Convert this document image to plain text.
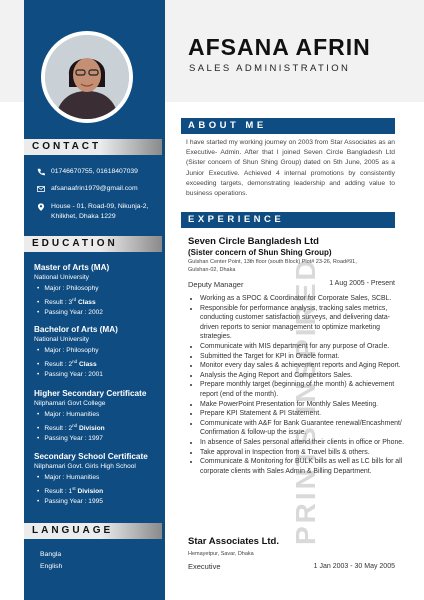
AFSANA AFRIN
SALES ADMINISTRATION
CONTACT
01746670755, 01618407039
afsanaafrin1979@gmail.com
House - 01, Road-09, Nikunja-2, Khilkhet, Dhaka 1229
EDUCATION
Master of Arts (MA)
National University
• Major : Philosophy
• Result : 3rd Class
• Passing Year : 2002
Bachelor of Arts (MA)
National University
• Major : Philosophy
• Result : 2nd Class
• Passing Year : 2001
Higher Secondary Certificate
Nilphamari Govt College
• Major : Humanities
• Result : 2nd Division
• Passing Year : 1997
Secondary School Certificate
Nilphamari Govt. Girls High School
• Major : Humanities
• Result : 1st Division
• Passing Year : 1995
LANGUAGE
Bangla
English
ABOUT ME

I have started my working journey on 2003 from Star Associates as an Executive- Admin. After that I joined Seven Circle Bangladesh Ltd (Sister concern of Shun Shing Group) dated on 5th June, 2005 as a Junior Executive. Achieved 4 internal promotions by consistently exceeding targets, demonstrating leadership and adding value to business operations.

EXPERIENCE
Seven Circle Bangladesh Ltd
(Sister concern of Shun Shing Group)
Gulshan Center Point, 13th floor (south Block) Plot# 23-26, Road#91, Gulshan-02, Dhaka
Deputy Manager	1 Aug 2005 - Present
• Working as a SPOC & Coordinator for Corporate Sales, SCBL.
• Responsible for performance analysis, tracking sales metrics, conducting customer satisfaction surveys, and delivering data-driven reports to senior management to optimize marketing strategies.
• Communicate with MIS department for any purpose of Oracle.
• Submitted the Target for KPI in Oracle format.
• Monitor every day sales & achievement reports and Aging Report.
• Analysis the Aging Report and Competitors Sales.
• Prepare monthly target (beginning of the month) & achievement report (end of the month).
• Make PowerPoint Presentation for Monthly Sales Meeting.
• Prepare KPI Statement & PI Statement.
• Communicate with A&F for Bank Guarantee renewal/Encashment/ Confirmation & follow-up the issue.
• In absence of Sales personal attend their clients in office or Phone.
• Take approval in Inspection from & Travel bills & others.
• Communicate & Monitoring for BULK bills as well as LC bills for all corporate clients with Sales Admin & Billing Department.
Star Associates Ltd.
Hemayetpur, Savar, Dhaka
Executive	1 Jan 2003 - 30 May 2005
PRINTS INSPIRED
